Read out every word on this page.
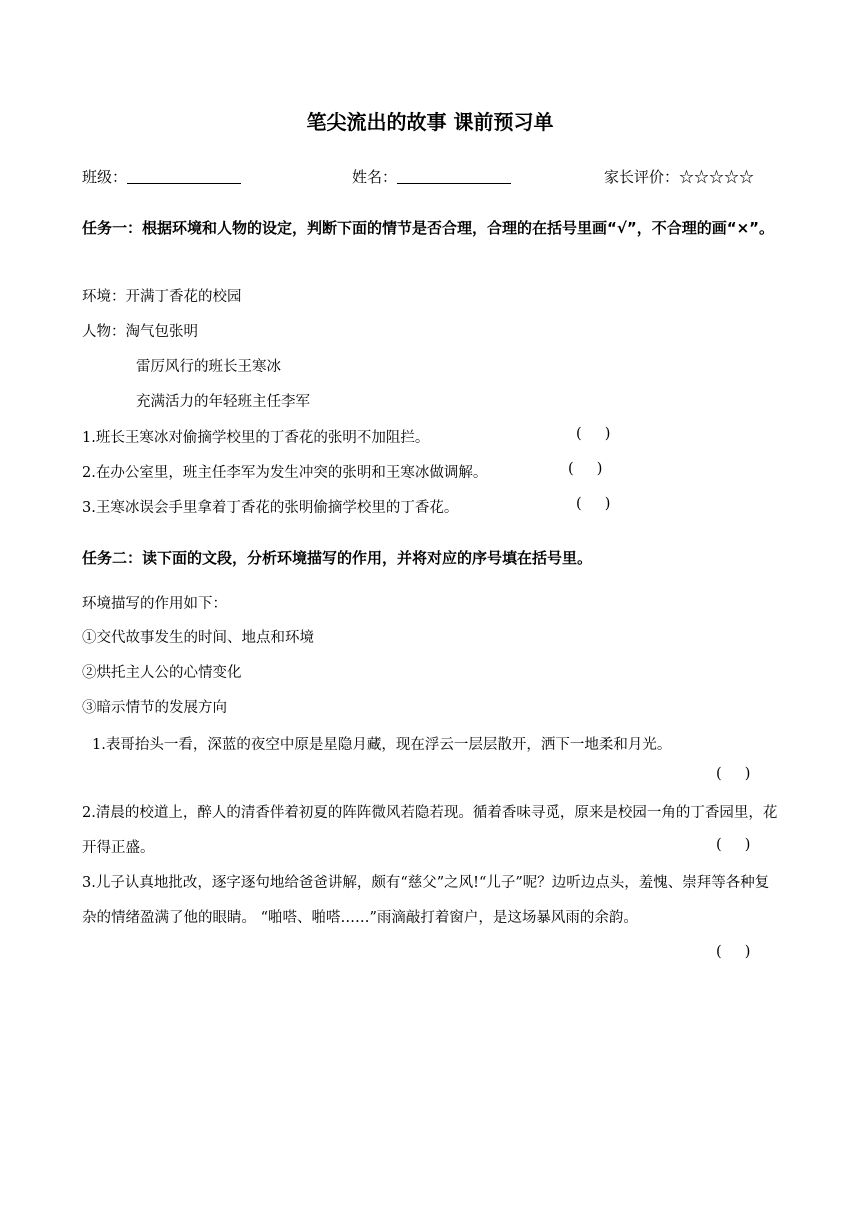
笔尖流出的故事 课前预习单
班级：	姓名：	家长评价：☆☆☆☆☆
任务一：根据环境和人物的设定，判断下面的情节是否合理，合理的在括号里画“√”，不合理的画“×”。
环境：开满丁香花的校园
人物：淘气包张明
雷厉风行的班长王寒冰
充满活力的年轻班主任李军
1.班长王寒冰对偷摘学校里的丁香花的张明不加阻拦。	(     )
2.在办公室里，班主任李军为发生冲突的张明和王寒冰做调解。	(     )
3.王寒冰误会手里拿着丁香花的张明偷摘学校里的丁香花。	(     )
任务二：读下面的文段，分析环境描写的作用，并将对应的序号填在括号里。
环境描写的作用如下：
①交代故事发生的时间、地点和环境
②烘托主人公的心情变化
③暗示情节的发展方向
1.表哥抬头一看，深蓝的夜空中原是星隐月藏，现在浮云一层层散开，洒下一地柔和月光。
(     )
2.清晨的校道上，醉人的清香伴着初夏的阵阵微风若隐若现。循着香味寻觅，原来是校园一角的丁香园里，花开得正盛。	(     )
3.儿子认真地批改，逐字逐句地给爸爸讲解，颇有“慈父”之风!“儿子”呢？边听边点头，羞愧、崇拜等各种复杂的情绪盈满了他的眼睛。 “啪嗒、啪嗒……”雨滴敲打着窗户，是这场暴风雨的余韵。
(     )
